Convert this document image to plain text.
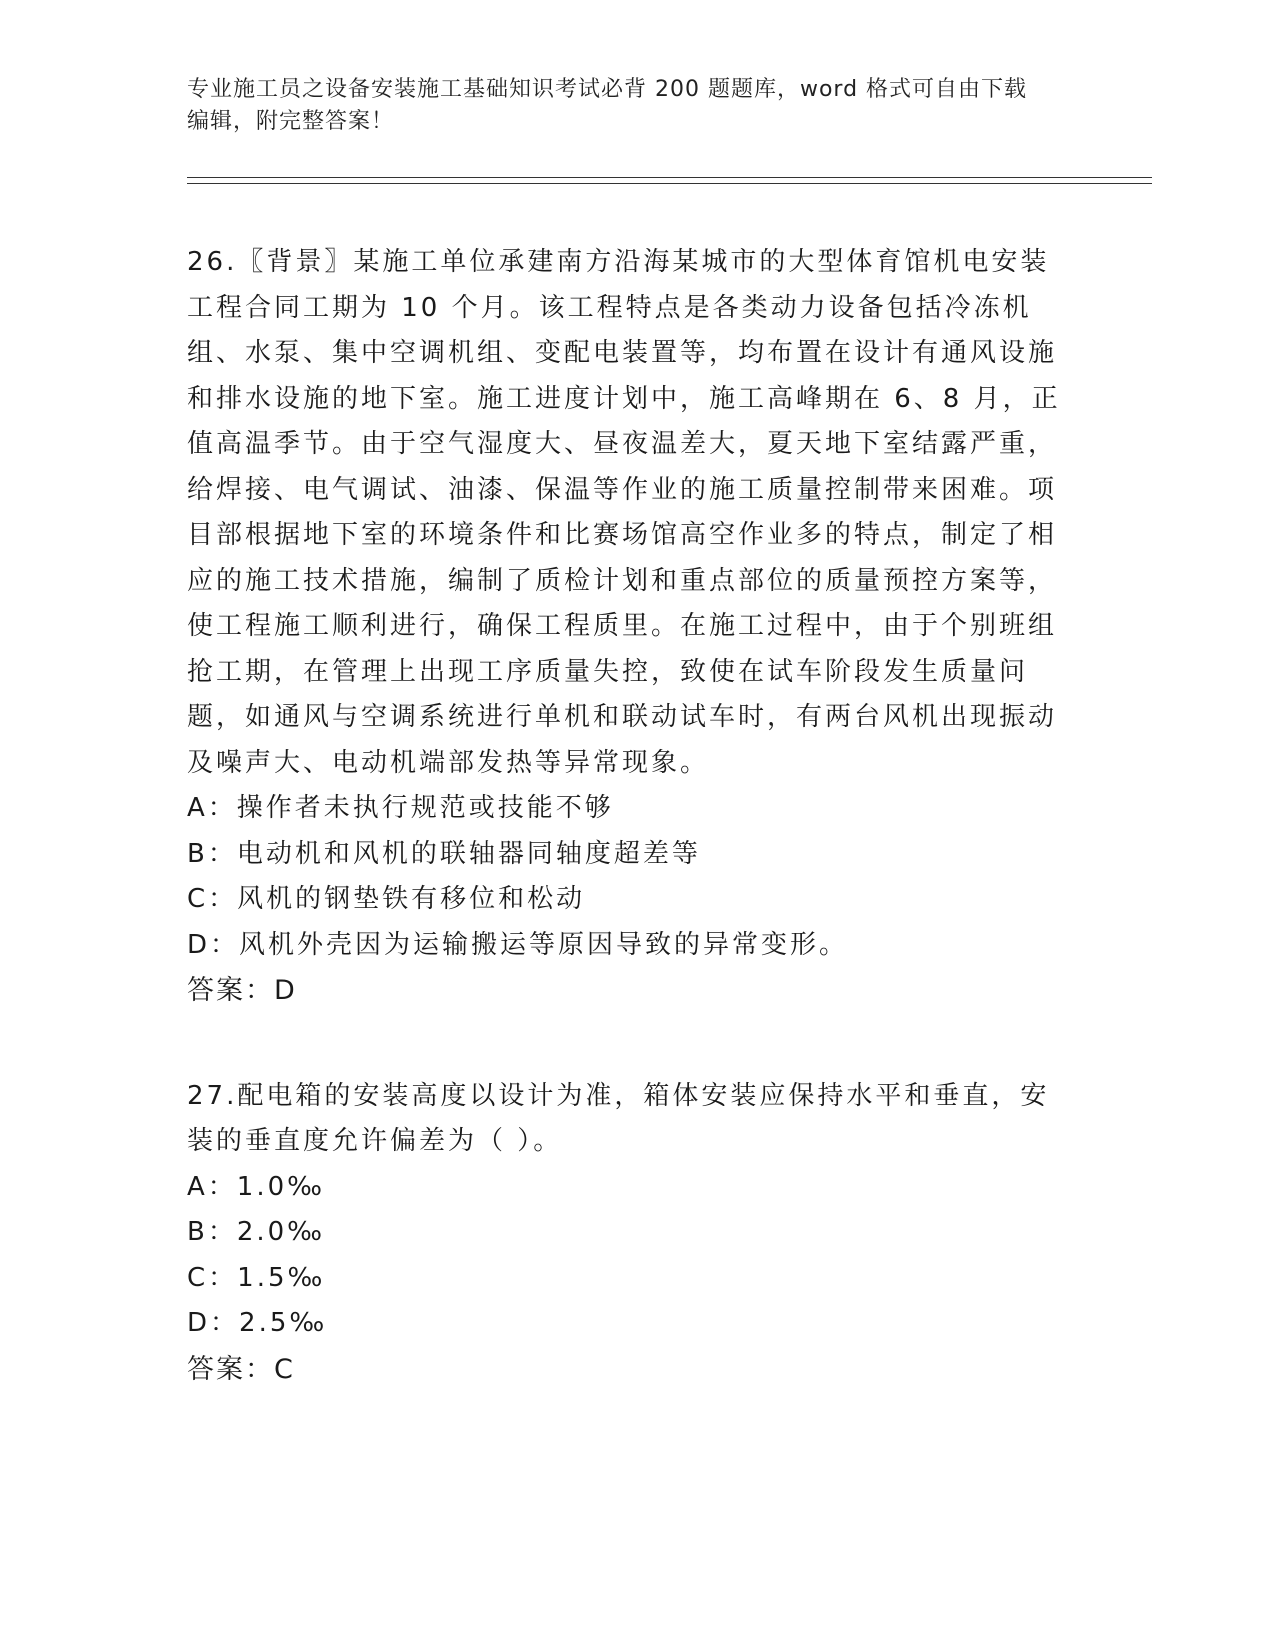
专业施工员之设备安装施工基础知识考试必背 200 题题库，word 格式可自由下载
编辑，附完整答案！

26.〖背景〗某施工单位承建南方沿海某城市的大型体育馆机电安装工程合同工期为 10 个月。该工程特点是各类动力设备包括冷冻机组、水泵、集中空调机组、变配电装置等，均布置在设计有通风设施和排水设施的地下室。施工进度计划中，施工高峰期在 6、8 月，正值高温季节。由于空气湿度大、昼夜温差大，夏天地下室结露严重，给焊接、电气调试、油漆、保温等作业的施工质量控制带来困难。项目部根据地下室的环境条件和比赛场馆高空作业多的特点，制定了相应的施工技术措施，编制了质检计划和重点部位的质量预控方案等，使工程施工顺利进行，确保工程质里。在施工过程中，由于个别班组抢工期，在管理上出现工序质量失控，致使在试车阶段发生质量问题，如通风与空调系统进行单机和联动试车时，有两台风机出现振动及噪声大、电动机端部发热等异常现象。

A：操作者未执行规范或技能不够

B：电动机和风机的联轴器同轴度超差等

C：风机的钢垫铁有移位和松动

D：风机外壳因为运输搬运等原因导致的异常变形。

答案：D

27.配电箱的安装高度以设计为准，箱体安装应保持水平和垂直，安装的垂直度允许偏差为（ ）。

A：1.0‰

B：2.0‰

C：1.5‰

D：2.5‰

答案：C
